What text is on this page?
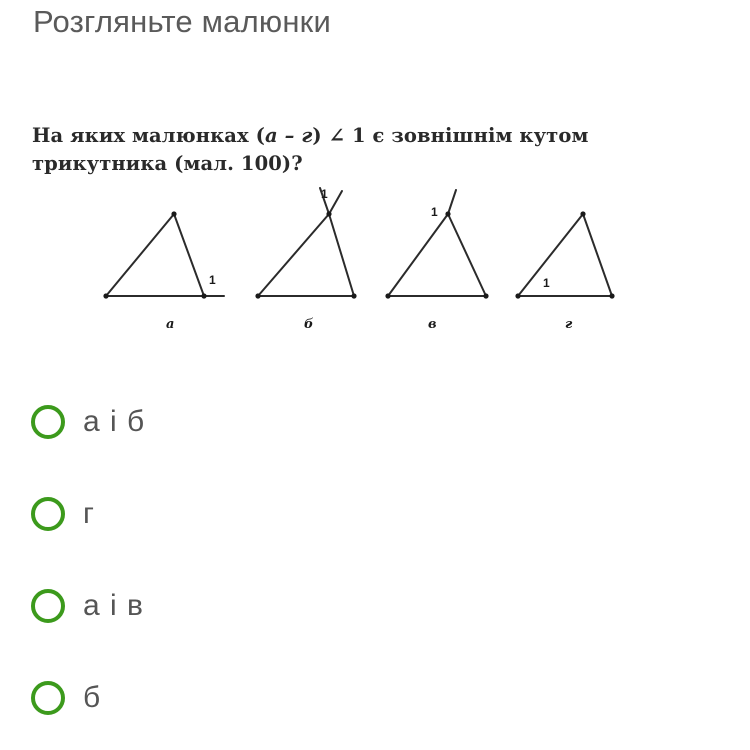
Розгляньте малюнки
На яких малюнках (а – г) ∠ 1 є зовнішнім кутом
трикутника (мал. 100)?
1
1
1
1
а	б	в	г
а і б
г
а і в
б
